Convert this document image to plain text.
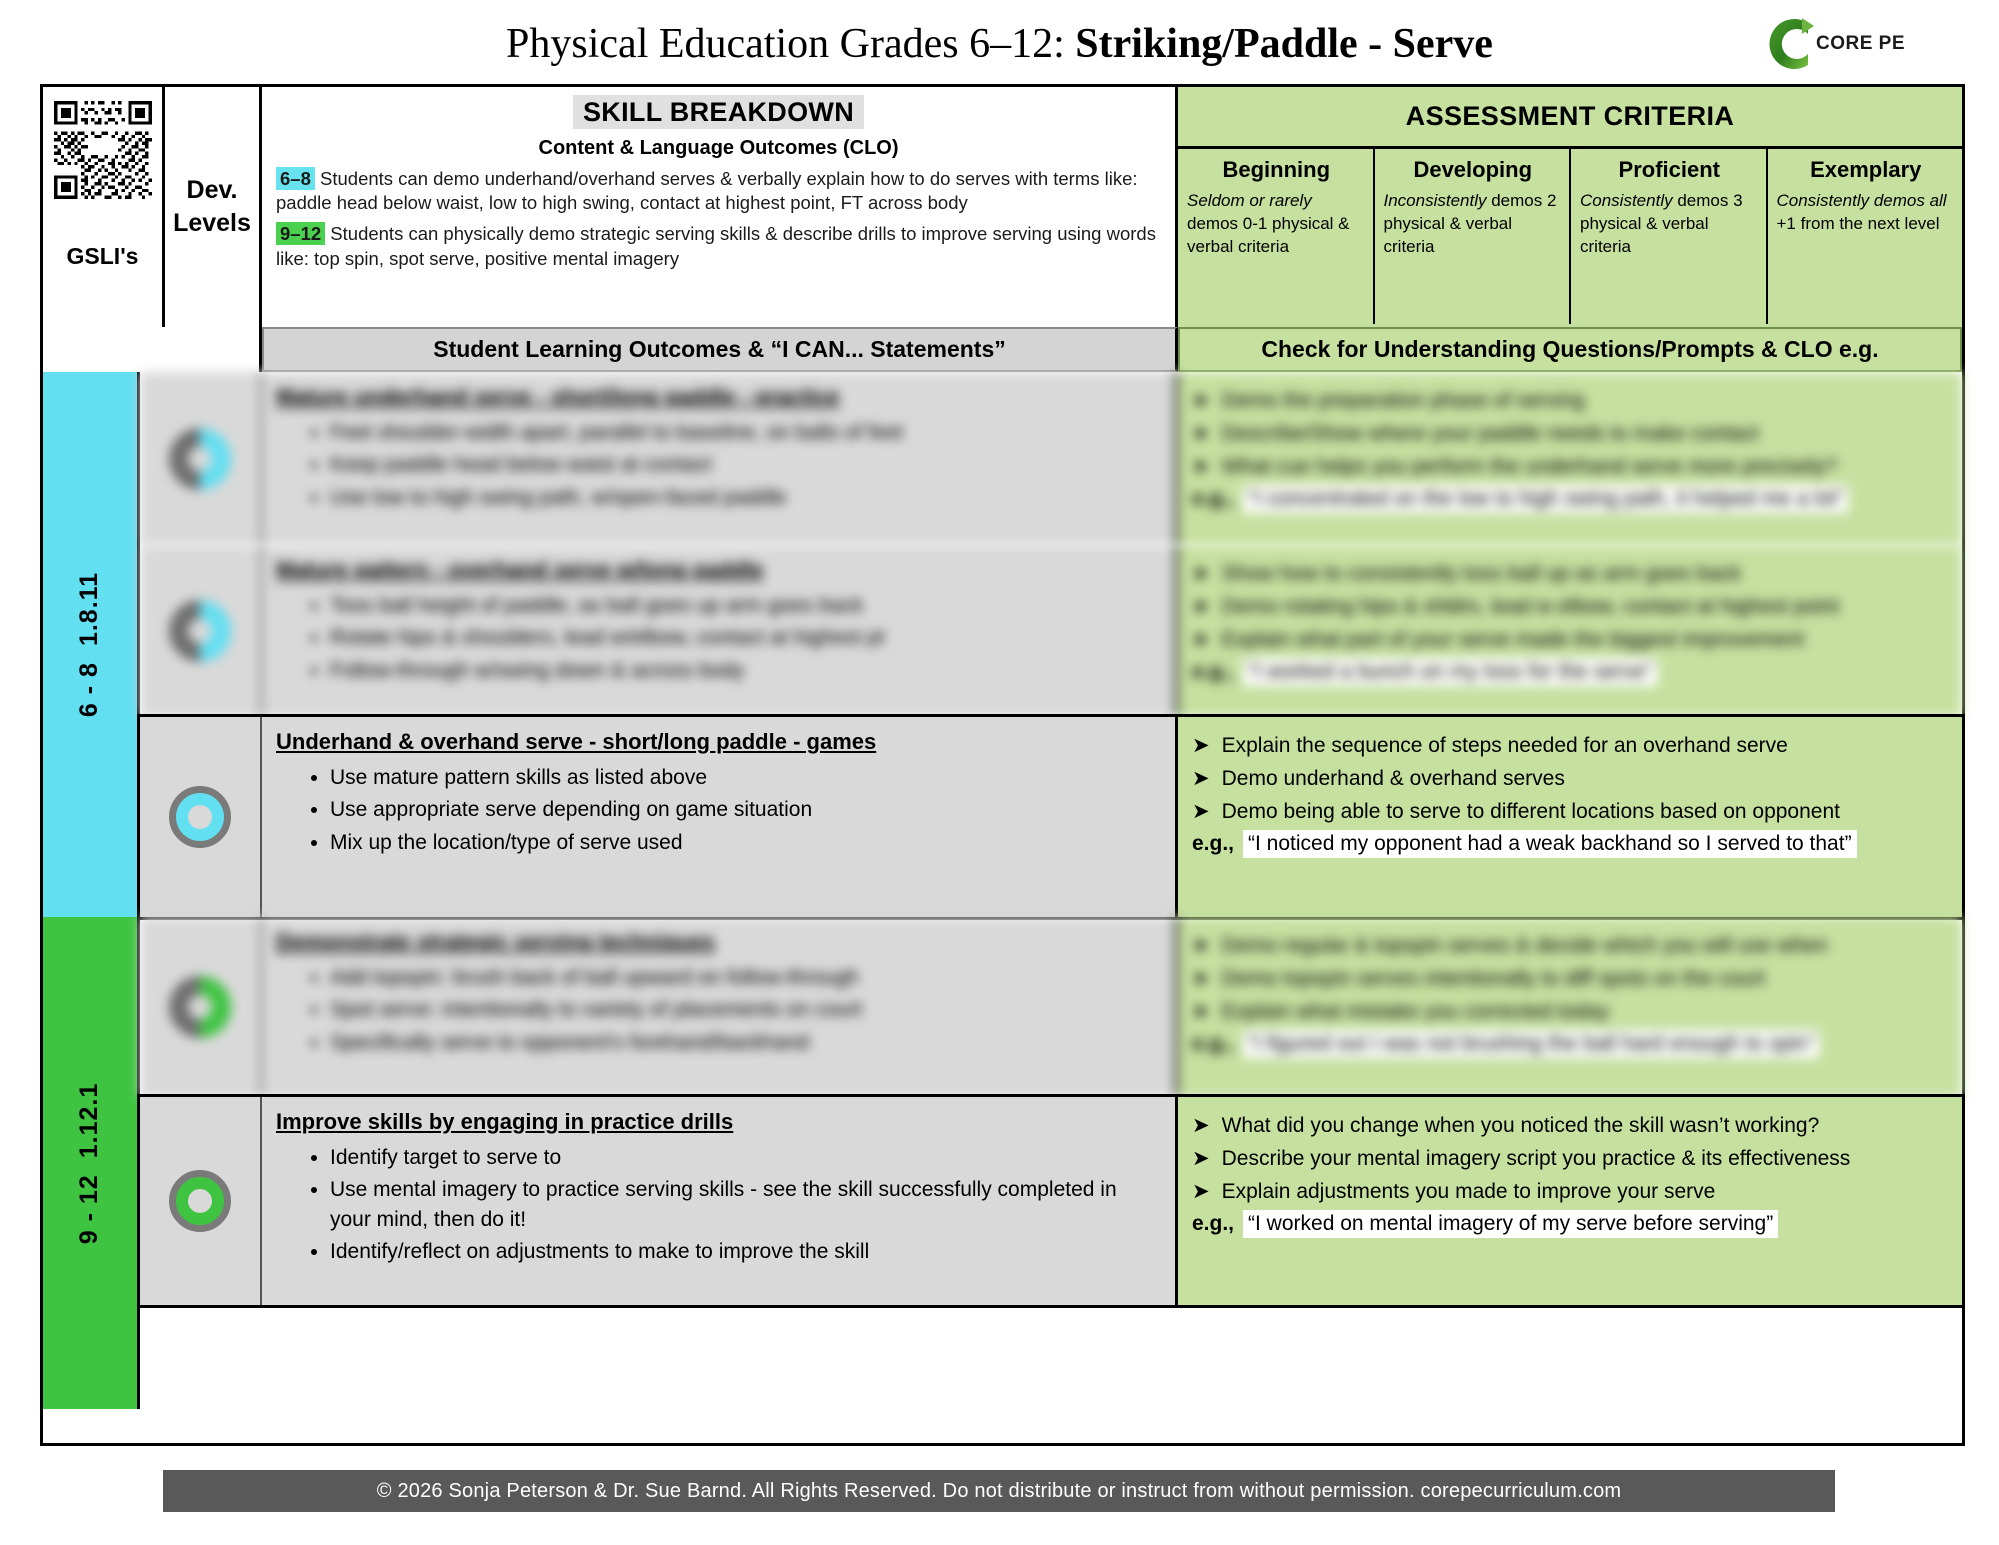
Physical Education Grades 6–12: Striking/Paddle - Serve	CORE PE
GSLI's
Dev.
Levels
SKILL BREAKDOWN
Content & Language Outcomes (CLO)
6–8 Students can demo underhand/overhand serves & verbally explain how to do serves with terms like: paddle head below waist, low to high swing, contact at highest point, FT across body
9–12 Students can physically demo strategic serving skills & describe drills to improve serving using words like: top spin, spot serve, positive mental imagery
ASSESSMENT CRITERIA
Beginning
Seldom or rarely demos 0-1 physical & verbal criteria
Developing
Inconsistently demos 2 physical & verbal criteria
Proficient
Consistently demos 3 physical & verbal criteria
Exemplary
Consistently demos all +1 from the next level
Student Learning Outcomes & “I CAN... Statements”	Check for Understanding Questions/Prompts & CLO e.g.
6 - 8
1.8.11
9 - 12
1.12.1
Mature underhand serve - short/long paddle - practice
• Feet shoulder-width apart, parallel to baseline, on balls of feet
• Keep paddle head below waist at contact
• Use low to high swing path, w/open-faced paddle
➤ Demo the preparation phase of serving
➤ Describe/Show where your paddle needs to make contact
➤ What cue helps you perform the underhand serve more precisely?
e.g.,	I concentrated on the low to high swing path, it helped me a lot
Mature pattern - overhand serve w/long paddle
• Toss ball height of paddle, as ball goes up arm goes back
• Rotate hips & shoulders, lead w/elbow, contact at highest pt
• Follow-through w/swing down & across body
➤ Show how to consistently toss ball up as arm goes back
➤ Demo rotating hips & shldrs, lead w elbow, contact at highest point
➤ Explain what part of your serve made the biggest improvement
e.g.,	I worked a bunch on my toss for the serve
Underhand & overhand serve - short/long paddle - games
• Use mature pattern skills as listed above
• Use appropriate serve depending on game situation
• Mix up the location/type of serve used
➤ Explain the sequence of steps needed for an overhand serve
➤ Demo underhand & overhand serves
➤ Demo being able to serve to different locations based on opponent
e.g.,	I noticed my opponent had a weak backhand so I served to that
Demonstrate strategic serving techniques
• Add topspin: brush back of ball upward on follow-through
• Spot serve: intentionally to variety of placements on court
• Specifically serve to opponent's forehand/backhand
➤ Demo regular & topspin serves & decide which you will use when
➤ Demo topspin serves intentionally to diff spots on the court
➤ Explain what mistake you corrected today
e.g.,	I figured out I was not brushing the ball hard enough to spin
Improve skills by engaging in practice drills
• Identify target to serve to
• Use mental imagery to practice serving skills - see the skill successfully completed in your mind, then do it!
• Identify/reflect on adjustments to make to improve the skill
➤ What did you change when you noticed the skill wasn’t working?
➤ Describe your mental imagery script you practice & its effectiveness
➤ Explain adjustments you made to improve your serve
e.g.,	I worked on mental imagery of my serve before serving
© 2026 Sonja Peterson & Dr. Sue Barnd. All Rights Reserved. Do not distribute or instruct from without permission. corepecurriculum.com
